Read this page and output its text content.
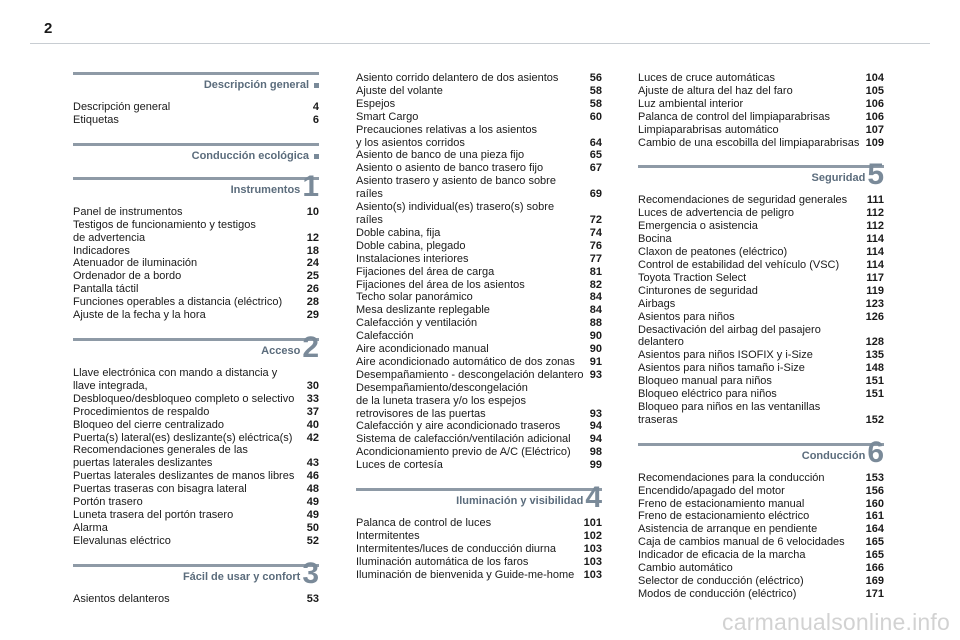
2
Descripción general
Descripción general	4
Etiquetas	6
Conducción ecológica
Instrumentos1
Panel de instrumentos	10
Testigos de funcionamiento y testigos
de advertencia	12
Indicadores	18
Atenuador de iluminación	24
Ordenador de a bordo	25
Pantalla táctil	26
Funciones operables a distancia (eléctrico)	28
Ajuste de la fecha y la hora	29
Acceso2
Llave electrónica con mando a distancia y
llave integrada,	30
Desbloqueo/desbloqueo completo o selectivo	33
Procedimientos de respaldo	37
Bloqueo del cierre centralizado	40
Puerta(s) lateral(es) deslizante(s) eléctrica(s)	42
Recomendaciones generales de las
puertas laterales deslizantes	43
Puertas laterales deslizantes de manos libres	46
Puertas traseras con bisagra lateral	48
Portón trasero	49
Luneta trasera del portón trasero	49
Alarma	50
Elevalunas eléctrico	52
Fácil de usar y confort3
Asientos delanteros	53
Asiento corrido delantero de dos asientos	56
Ajuste del volante	58
Espejos	58
Smart Cargo	60
Precauciones relativas a los asientos
y los asientos corridos	64
Asiento de banco de una pieza fijo	65
Asiento o asiento de banco trasero fijo	67
Asiento trasero y asiento de banco sobre raíles	69
Asiento(s) individual(es) trasero(s) sobre raíles	72
Doble cabina, fija	74
Doble cabina, plegado	76
Instalaciones interiores	77
Fijaciones del área de carga	81
Fijaciones del área de los asientos	82
Techo solar panorámico	84
Mesa deslizante replegable	84
Calefacción y ventilación	88
Calefacción	90
Aire acondicionado manual	90
Aire acondicionado automático de dos zonas	91
Desempañamiento - descongelación delantero 93
Desempañamiento/descongelación
de la luneta trasera y/o los espejos
retrovisores de las puertas	93
Calefacción y aire acondicionado traseros	94
Sistema de calefacción/ventilación adicional	94
Acondicionamiento previo de A/C (Eléctrico)	98
Luces de cortesía	99
Iluminación y visibilidad4
Palanca de control de luces	101
Intermitentes	102
Intermitentes/luces de conducción diurna	103
Iluminación automática de los faros	103
Iluminación de bienvenida y Guide-me-home 103
Luces de cruce automáticas	104
Ajuste de altura del haz del faro	105
Luz ambiental interior	106
Palanca de control del limpiaparabrisas	106
Limpiaparabrisas automático	107
Cambio de una escobilla del limpiaparabrisas 109
Seguridad5
Recomendaciones de seguridad generales	111
Luces de advertencia de peligro	112
Emergencia o asistencia	112
Bocina	114
Claxon de peatones (eléctrico)	114
Control de estabilidad del vehículo (VSC)	114
Toyota Traction Select	117
Cinturones de seguridad	119
Airbags	123
Asientos para niños	126
Desactivación del airbag del pasajero delantero	128
Asientos para niños ISOFIX y i-Size	135
Asientos para niños tamaño i-Size	148
Bloqueo manual para niños	151
Bloqueo eléctrico para niños	151
Bloqueo para niños en las ventanillas traseras	152
Conducción6
Recomendaciones para la conducción	153
Encendido/apagado del motor	156
Freno de estacionamiento manual	160
Freno de estacionamiento eléctrico	161
Asistencia de arranque en pendiente	164
Caja de cambios manual de 6 velocidades	165
Indicador de eficacia de la marcha	165
Cambio automático	166
Selector de conducción (eléctrico)	169
Modos de conducción (eléctrico)	171
carmanualsonline.info
